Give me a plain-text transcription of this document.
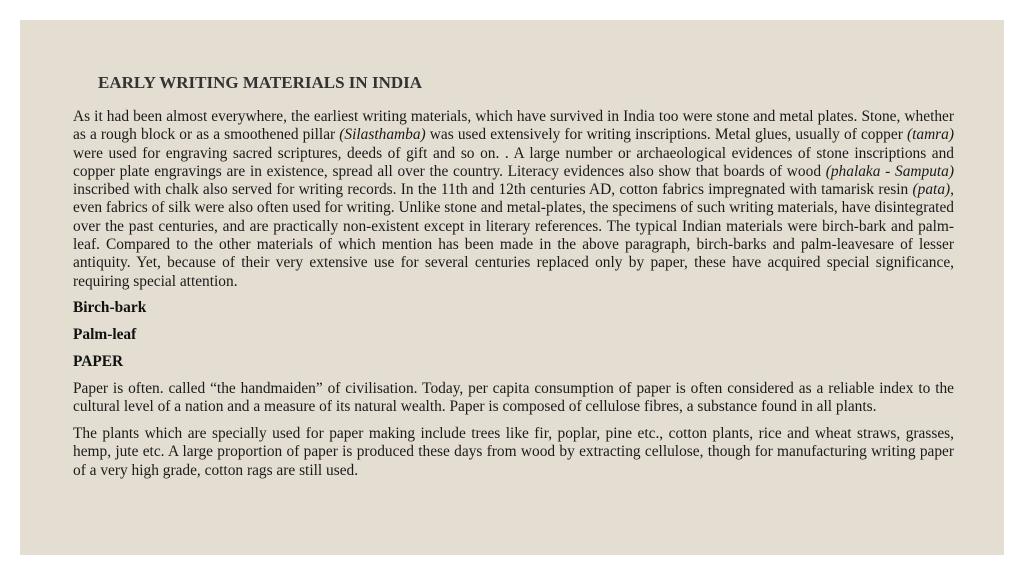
EARLY WRITING MATERIALS IN INDIA

As it had been almost everywhere, the earliest writing materials, which have survived in India too were stone and metal plates. Stone, whether as a rough block or as a smoothened pillar (Silasthamba) was used extensively for writing inscriptions. Metal glues, usually of copper (tamra) were used for engraving sacred scriptures, deeds of gift and so on. . A large number or archaeological evidences of stone inscriptions and copper plate engravings are in existence, spread all over the country. Literacy evidences also show that boards of wood (phalaka - Samputa) inscribed with chalk also served for writing records. In the 11th and 12th centuries AD, cotton fabrics impregnated with tamarisk resin (pata), even fabrics of silk were also often used for writing. Unlike stone and metal-plates, the specimens of such writing materials, have disintegrated over the past centuries, and are practically non-existent except in literary references. The typical Indian materials were birch-bark and palm-leaf. Compared to the other materials of which mention has been made in the above paragraph, birch-barks and palm-leavesare of lesser antiquity. Yet, because of their very extensive use for several centuries replaced only by paper, these have acquired special significance, requiring special attention.

Birch-bark

Palm-leaf

PAPER

Paper is often. called “the handmaiden” of civilisation. Today, per capita consumption of paper is often considered as a reliable index to the cultural level of a nation and a measure of its natural wealth. Paper is composed of cellulose fibres, a substance found in all plants.

The plants which are specially used for paper making include trees like fir, poplar, pine etc., cotton plants, rice and wheat straws, grasses, hemp, jute etc. A large proportion of paper is produced these days from wood by extracting cellulose, though for manufacturing writing paper of a very high grade, cotton rags are still used.
